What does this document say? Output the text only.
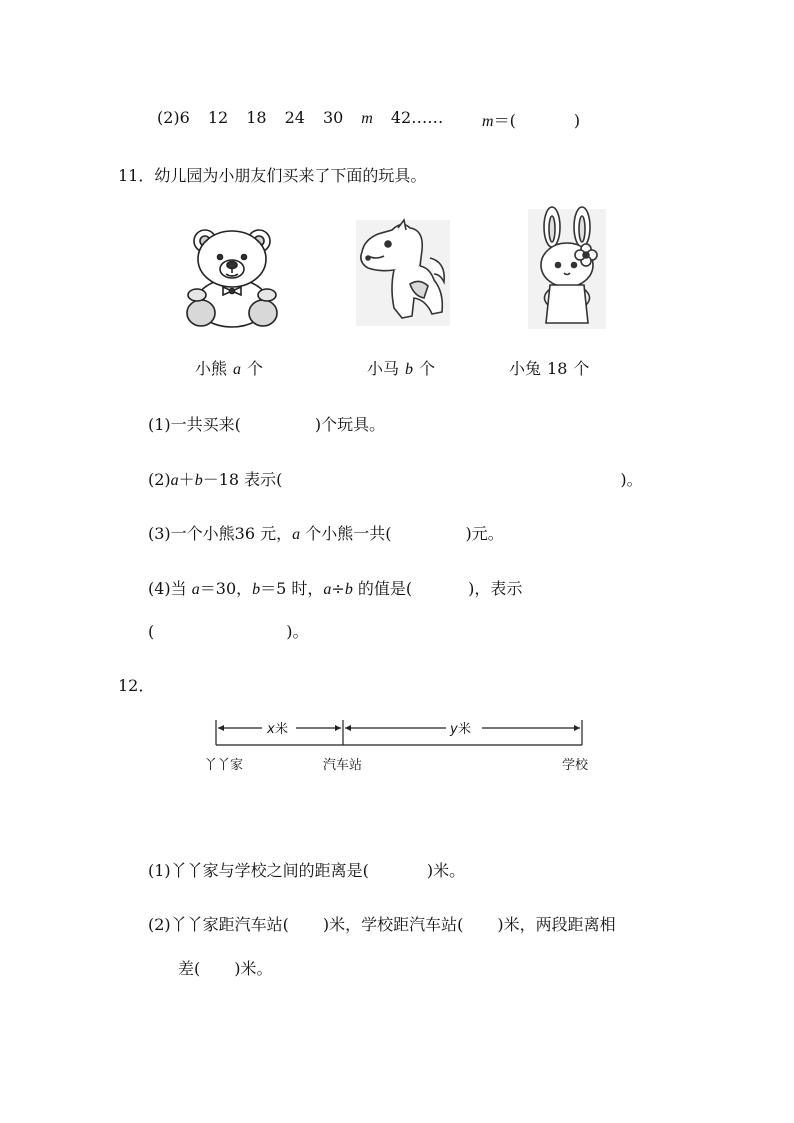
(2)6 12 18 24 30 m 42……	m＝(	)
11．幼儿园为小朋友们买来了下面的玩具。
小熊 a 个	小马 b 个	小兔 18 个
(1)一共买来(	)个玩具。
(2)a＋b－18 表示(	)。
(3)一个小熊36 元，a 个小熊一共(	)元。
(4)当 a＝30，b＝5 时，a÷b 的值是(	)，表示
(	)。
12．
x 米	y 米
丫丫家	汽车站	学校
(1)丫丫家与学校之间的距离是(	)米。
(2)丫丫家距汽车站( )米，学校距汽车站( )米，两段距离相
差( )米。
